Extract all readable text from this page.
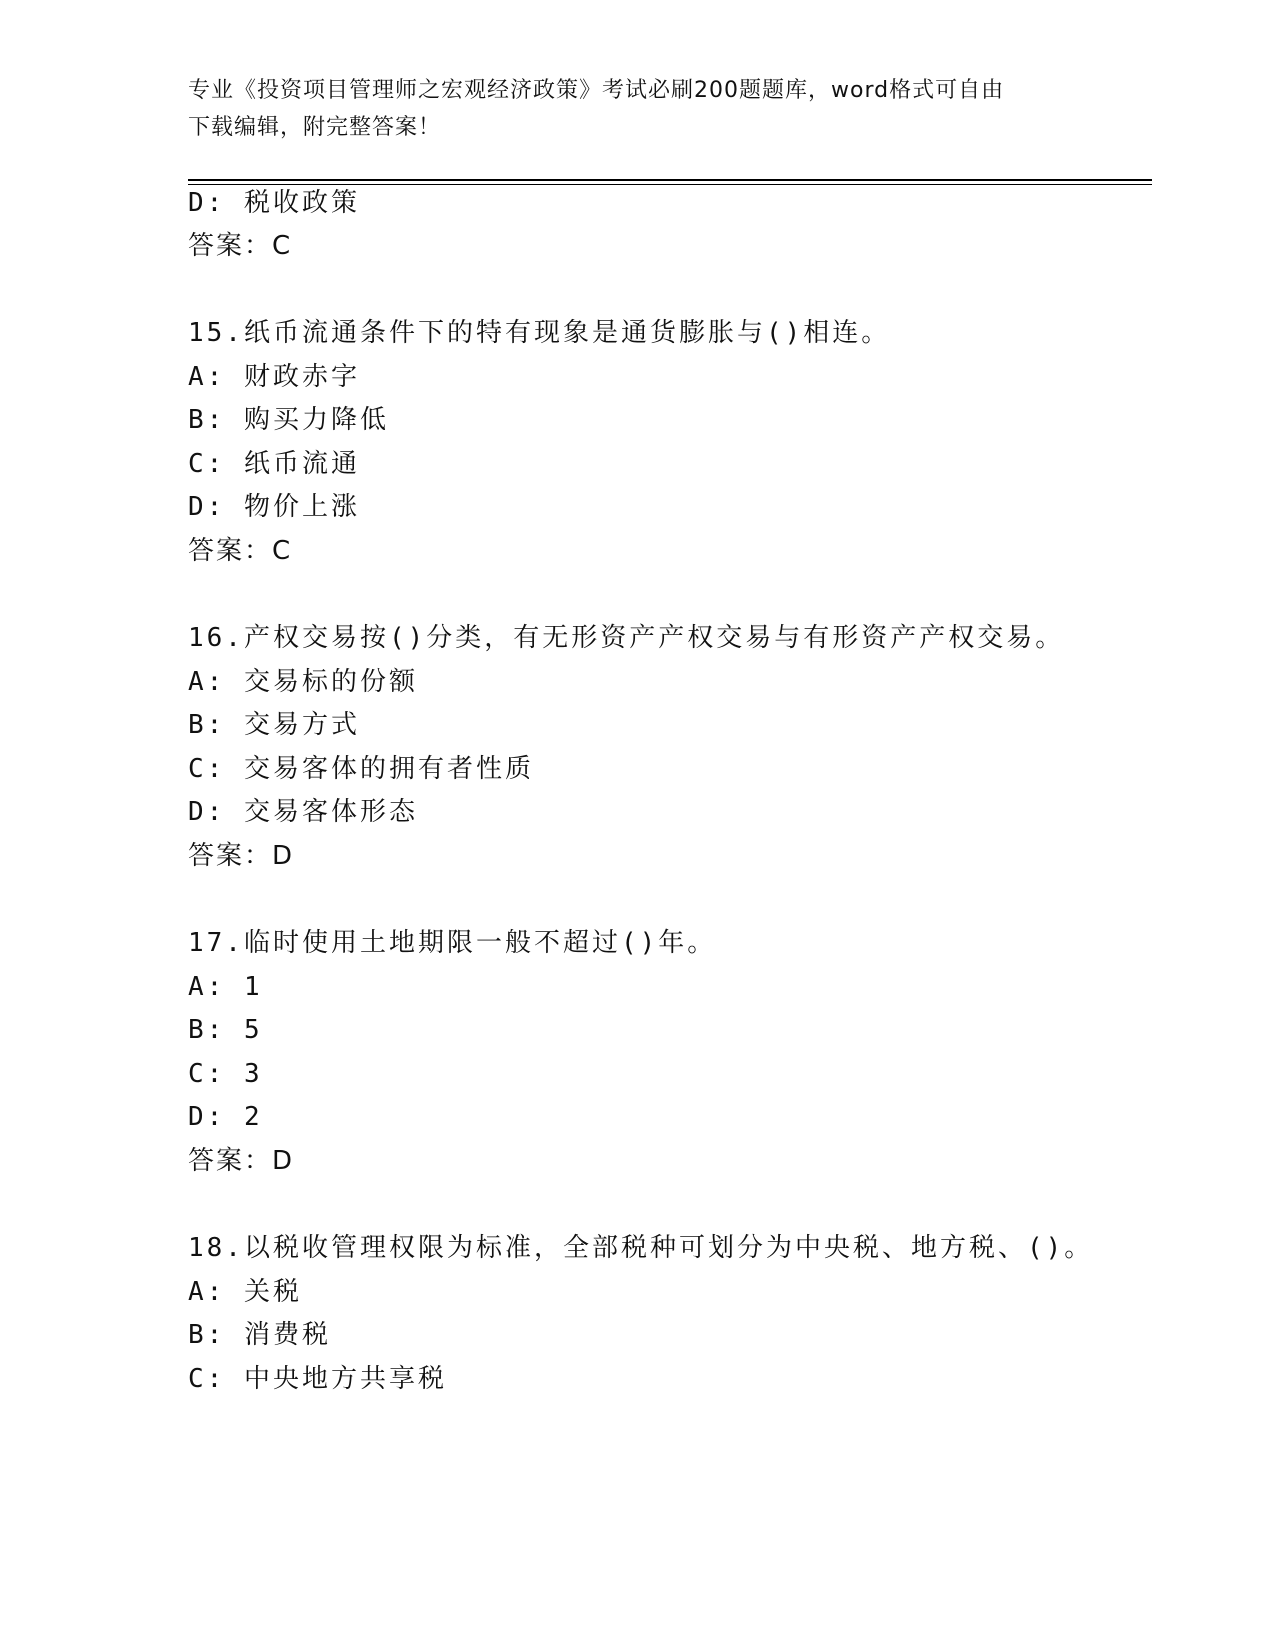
专业《投资项目管理师之宏观经济政策》考试必刷200题题库，word格式可自由
下载编辑，附完整答案！
D: 税收政策
答案：C
15.纸币流通条件下的特有现象是通货膨胀与()相连。
A: 财政赤字
B: 购买力降低
C: 纸币流通
D: 物价上涨
答案：C
16.产权交易按()分类，有无形资产产权交易与有形资产产权交易。
A: 交易标的份额
B: 交易方式
C: 交易客体的拥有者性质
D: 交易客体形态
答案：D
17.临时使用土地期限一般不超过()年。
A: 1
B: 5
C: 3
D: 2
答案：D
18.以税收管理权限为标准，全部税种可划分为中央税、地方税、()。
A: 关税
B: 消费税
C: 中央地方共享税
